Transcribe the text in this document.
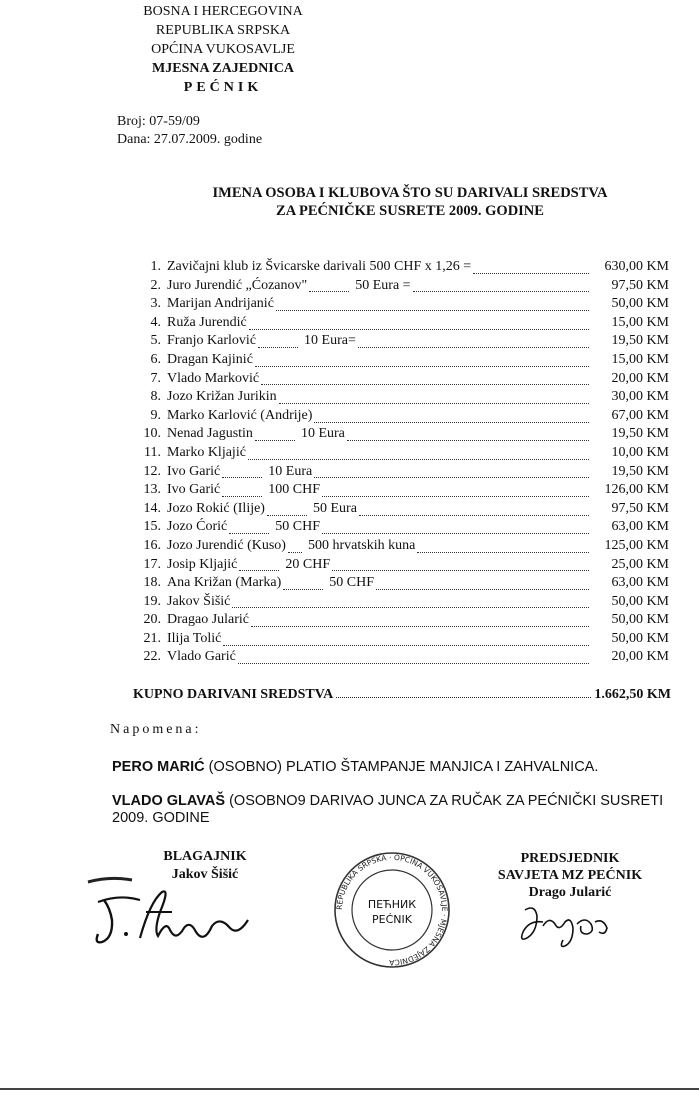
BOSNA I HERCEGOVINA
REPUBLIKA SRPSKA
OPĆINA VUKOSAVLJE
MJESNA ZAJEDNICA
PEĆNIK
Broj: 07-59/09
Dana: 27.07.2009. godine
IMENA OSOBA I KLUBOVA ŠTO SU DARIVALI SREDSTVA
ZA PEĆNIČKE SUSRETE 2009. GODINE
1. Zavičajni klub iz Švicarske darivali 500 CHF x 1,26 =	630,00 KM
2. Juro Jurendić „Ćozanov"	50 Eura =	97,50 KM
3. Marijan Andrijanić	50,00 KM
4. Ruža Jurendić	15,00 KM
5. Franjo Karlović	10 Eura=	19,50 KM
6. Dragan Kajinić	15,00 KM
7. Vlado Marković	20,00 KM
8. Jozo Križan Jurikin	30,00 KM
9. Marko Karlović (Andrije)	67,00 KM
10. Nenad Jagustin	10 Eura	19,50 KM
11. Marko Kljajić	10,00 KM
12. Ivo Garić	10 Eura	19,50 KM
13. Ivo Garić	100 CHF	126,00 KM
14. Jozo Rokić (Ilije)	50 Eura	97,50 KM
15. Jozo Ćorić	50 CHF	63,00 KM
16. Jozo Jurendić (Kuso) 500 hrvatskih kuna	125,00 KM
17. Josip Kljajić	20 CHF	25,00 KM
18. Ana Križan (Marka)	50 CHF	63,00 KM
19. Jakov Šišić	50,00 KM
20. Dragao Jularić	50,00 KM
21. Ilija Tolić	50,00 KM
22. Vlado Garić	20,00 KM
KUPNO DARIVANI SREDSTVA	1.662,50 KM
Napomena:
PERO MARIĆ (OSOBNO) PLATIO ŠTAMPANJE MANJICA I ZAHVALNICA.
VLADO GLAVAŠ (OSOBNO9 DARIVAO JUNCA ZA RUČAK ZA PEĆNIČKI SUSRETI 2009. GODINE
BLAGAJNIK
Jakov Šišić
REPUBLIKA SRPSKA · OPĆINA VUKOSAVLJE · MJESNA ZAJEDNICA
ПЕЋНИК
PEĆNIK
PREDSJEDNIK
SAVJETA MZ PEĆNIK
Drago Jularić
